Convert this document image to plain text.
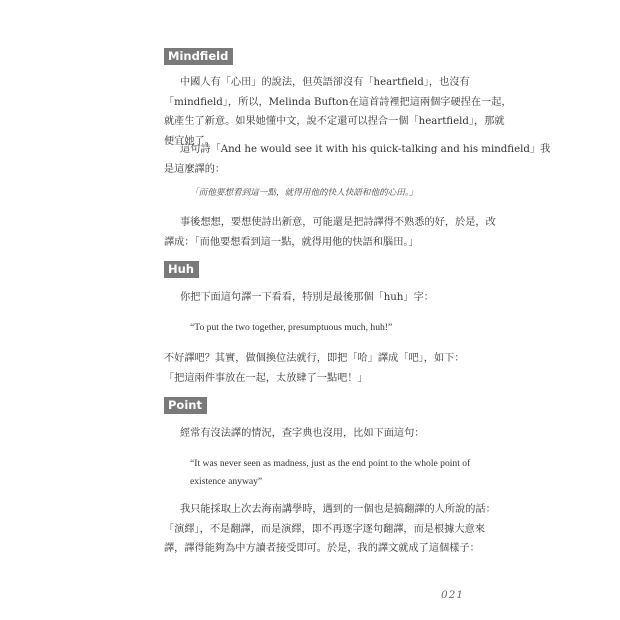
Mindfield

中國人有「心田」的說法，但英語卻沒有「heartfield」，也沒有
「mindfield」，所以，Melinda Bufton在這首詩裡把這兩個字硬捏在一起，
就產生了新意。如果她懂中文，說不定還可以捏合一個「heartfield」，那就
便宜她了。

這句詩「And he would see it with his quick-talking and his mindfield」我
是這麼譯的：

「而他要想看到這一點，就得用他的快人快語和他的心田。」

事後想想，要想使詩出新意，可能還是把詩譯得不熟悉的好，於是，改
譯成：「而他要想看到這一點，就得用他的快語和腦田。」

Huh

你把下面這句譯一下看看，特別是最後那個「huh」字：

“To put the two together, presumptuous much, huh!”

不好譯吧？其實，做個換位法就行，即把「哈」譯成「吧」，如下：
「把這兩件事放在一起，太放肆了一點吧！」

Point

經常有沒法譯的情況，查字典也沒用，比如下面這句：

“It was never seen as madness, just as the end point to the whole point of
existence anyway”

我只能採取上次去海南講學時，遇到的一個也是搞翻譯的人所說的話：
「演繹」，不是翻譯，而是演繹，即不再逐字逐句翻譯，而是根據大意來
譯，譯得能夠為中方讀者接受即可。於是，我的譯文就成了這個樣子：

021
